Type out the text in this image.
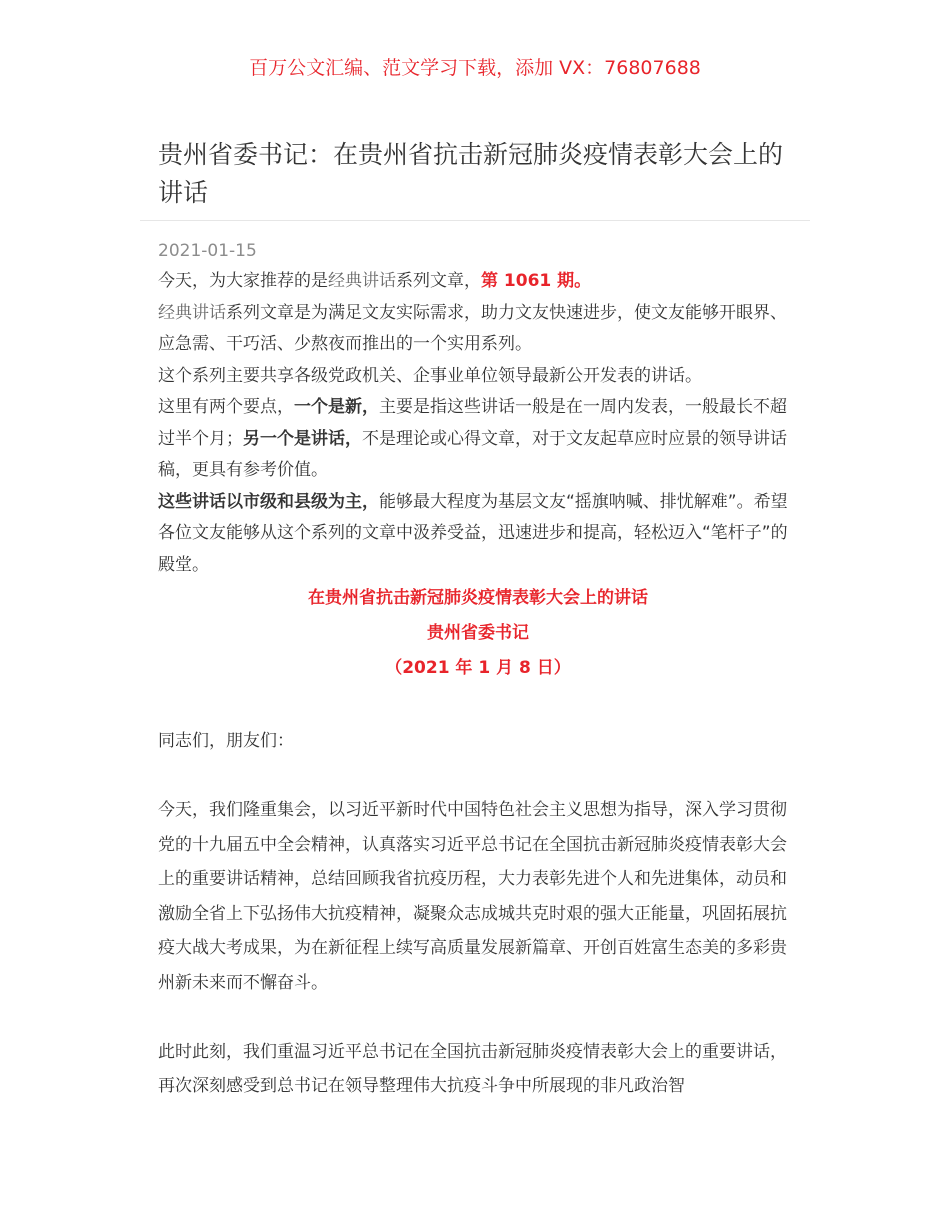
百万公文汇编、范文学习下载，添加 VX：76807688
贵州省委书记：在贵州省抗击新冠肺炎疫情表彰大会上的讲话
2021-01-15

今天，为大家推荐的是经典讲话系列文章，第 1061 期。

经典讲话系列文章是为满足文友实际需求，助力文友快速进步，使文友能够开眼界、应急需、干巧活、少熬夜而推出的一个实用系列。

这个系列主要共享各级党政机关、企事业单位领导最新公开发表的讲话。

这里有两个要点，一个是新，主要是指这些讲话一般是在一周内发表，一般最长不超过半个月；另一个是讲话，不是理论或心得文章，对于文友起草应时应景的领导讲话稿，更具有参考价值。

这些讲话以市级和县级为主，能够最大程度为基层文友“摇旗呐喊、排忧解难”。希望各位文友能够从这个系列的文章中汲养受益，迅速进步和提高，轻松迈入“笔杆子”的殿堂。

在贵州省抗击新冠肺炎疫情表彰大会上的讲话

贵州省委书记

（2021 年 1 月 8 日）

同志们，朋友们：

今天，我们隆重集会，以习近平新时代中国特色社会主义思想为指导，深入学习贯彻党的十九届五中全会精神，认真落实习近平总书记在全国抗击新冠肺炎疫情表彰大会上的重要讲话精神，总结回顾我省抗疫历程，大力表彰先进个人和先进集体，动员和激励全省上下弘扬伟大抗疫精神，凝聚众志成城共克时艰的强大正能量，巩固拓展抗疫大战大考成果，为在新征程上续写高质量发展新篇章、开创百姓富生态美的多彩贵州新未来而不懈奋斗。

此时此刻，我们重温习近平总书记在全国抗击新冠肺炎疫情表彰大会上的重要讲话，再次深刻感受到总书记在领导整理伟大抗疫斗争中所展现的非凡政治智
